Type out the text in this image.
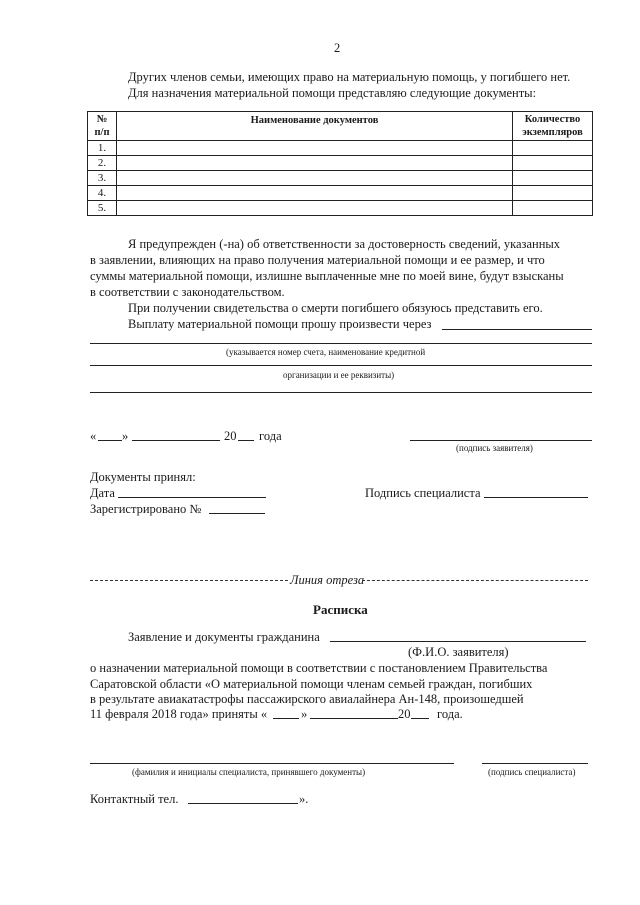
2
Других членов семьи, имеющих право на материальную помощь, у погибшего нет.
Для назначения материальной помощи представляю следующие документы:
№
п/п	Наименование документов	Количество
экземпляров
1.		
2.		
3.		
4.		
5.		
Я предупрежден (-на) об ответственности за достоверность сведений, указанных
в заявлении, влияющих на право получения материальной помощи и ее размер, и что
суммы материальной помощи, излишне выплаченные мне по моей вине, будут взысканы
в соответствии с законодательством.
При получении свидетельства о смерти погибшего обязуюсь представить его.
Выплату материальной помощи прошу произвести через
(указывается номер счета, наименование кредитной
организации и ее реквизиты)
« »	20 года
(подпись заявителя)
Документы принял:
Дата
Зарегистрировано №
Подпись специалиста
Линия отреза
Расписка
Заявление и документы гражданина
(Ф.И.О. заявителя)
о назначении материальной помощи в соответствии с постановлением Правительства
Саратовской области «О материальной помощи членам семьей граждан, погибших
в результате авиакатастрофы пассажирского авиалайнера Ан-148, произошедшей
11 февраля 2018 года» приняты «	»	20 года.
(фамилия и инициалы специалиста, принявшего документы)	(подпись специалиста)
Контактный тел.	».
